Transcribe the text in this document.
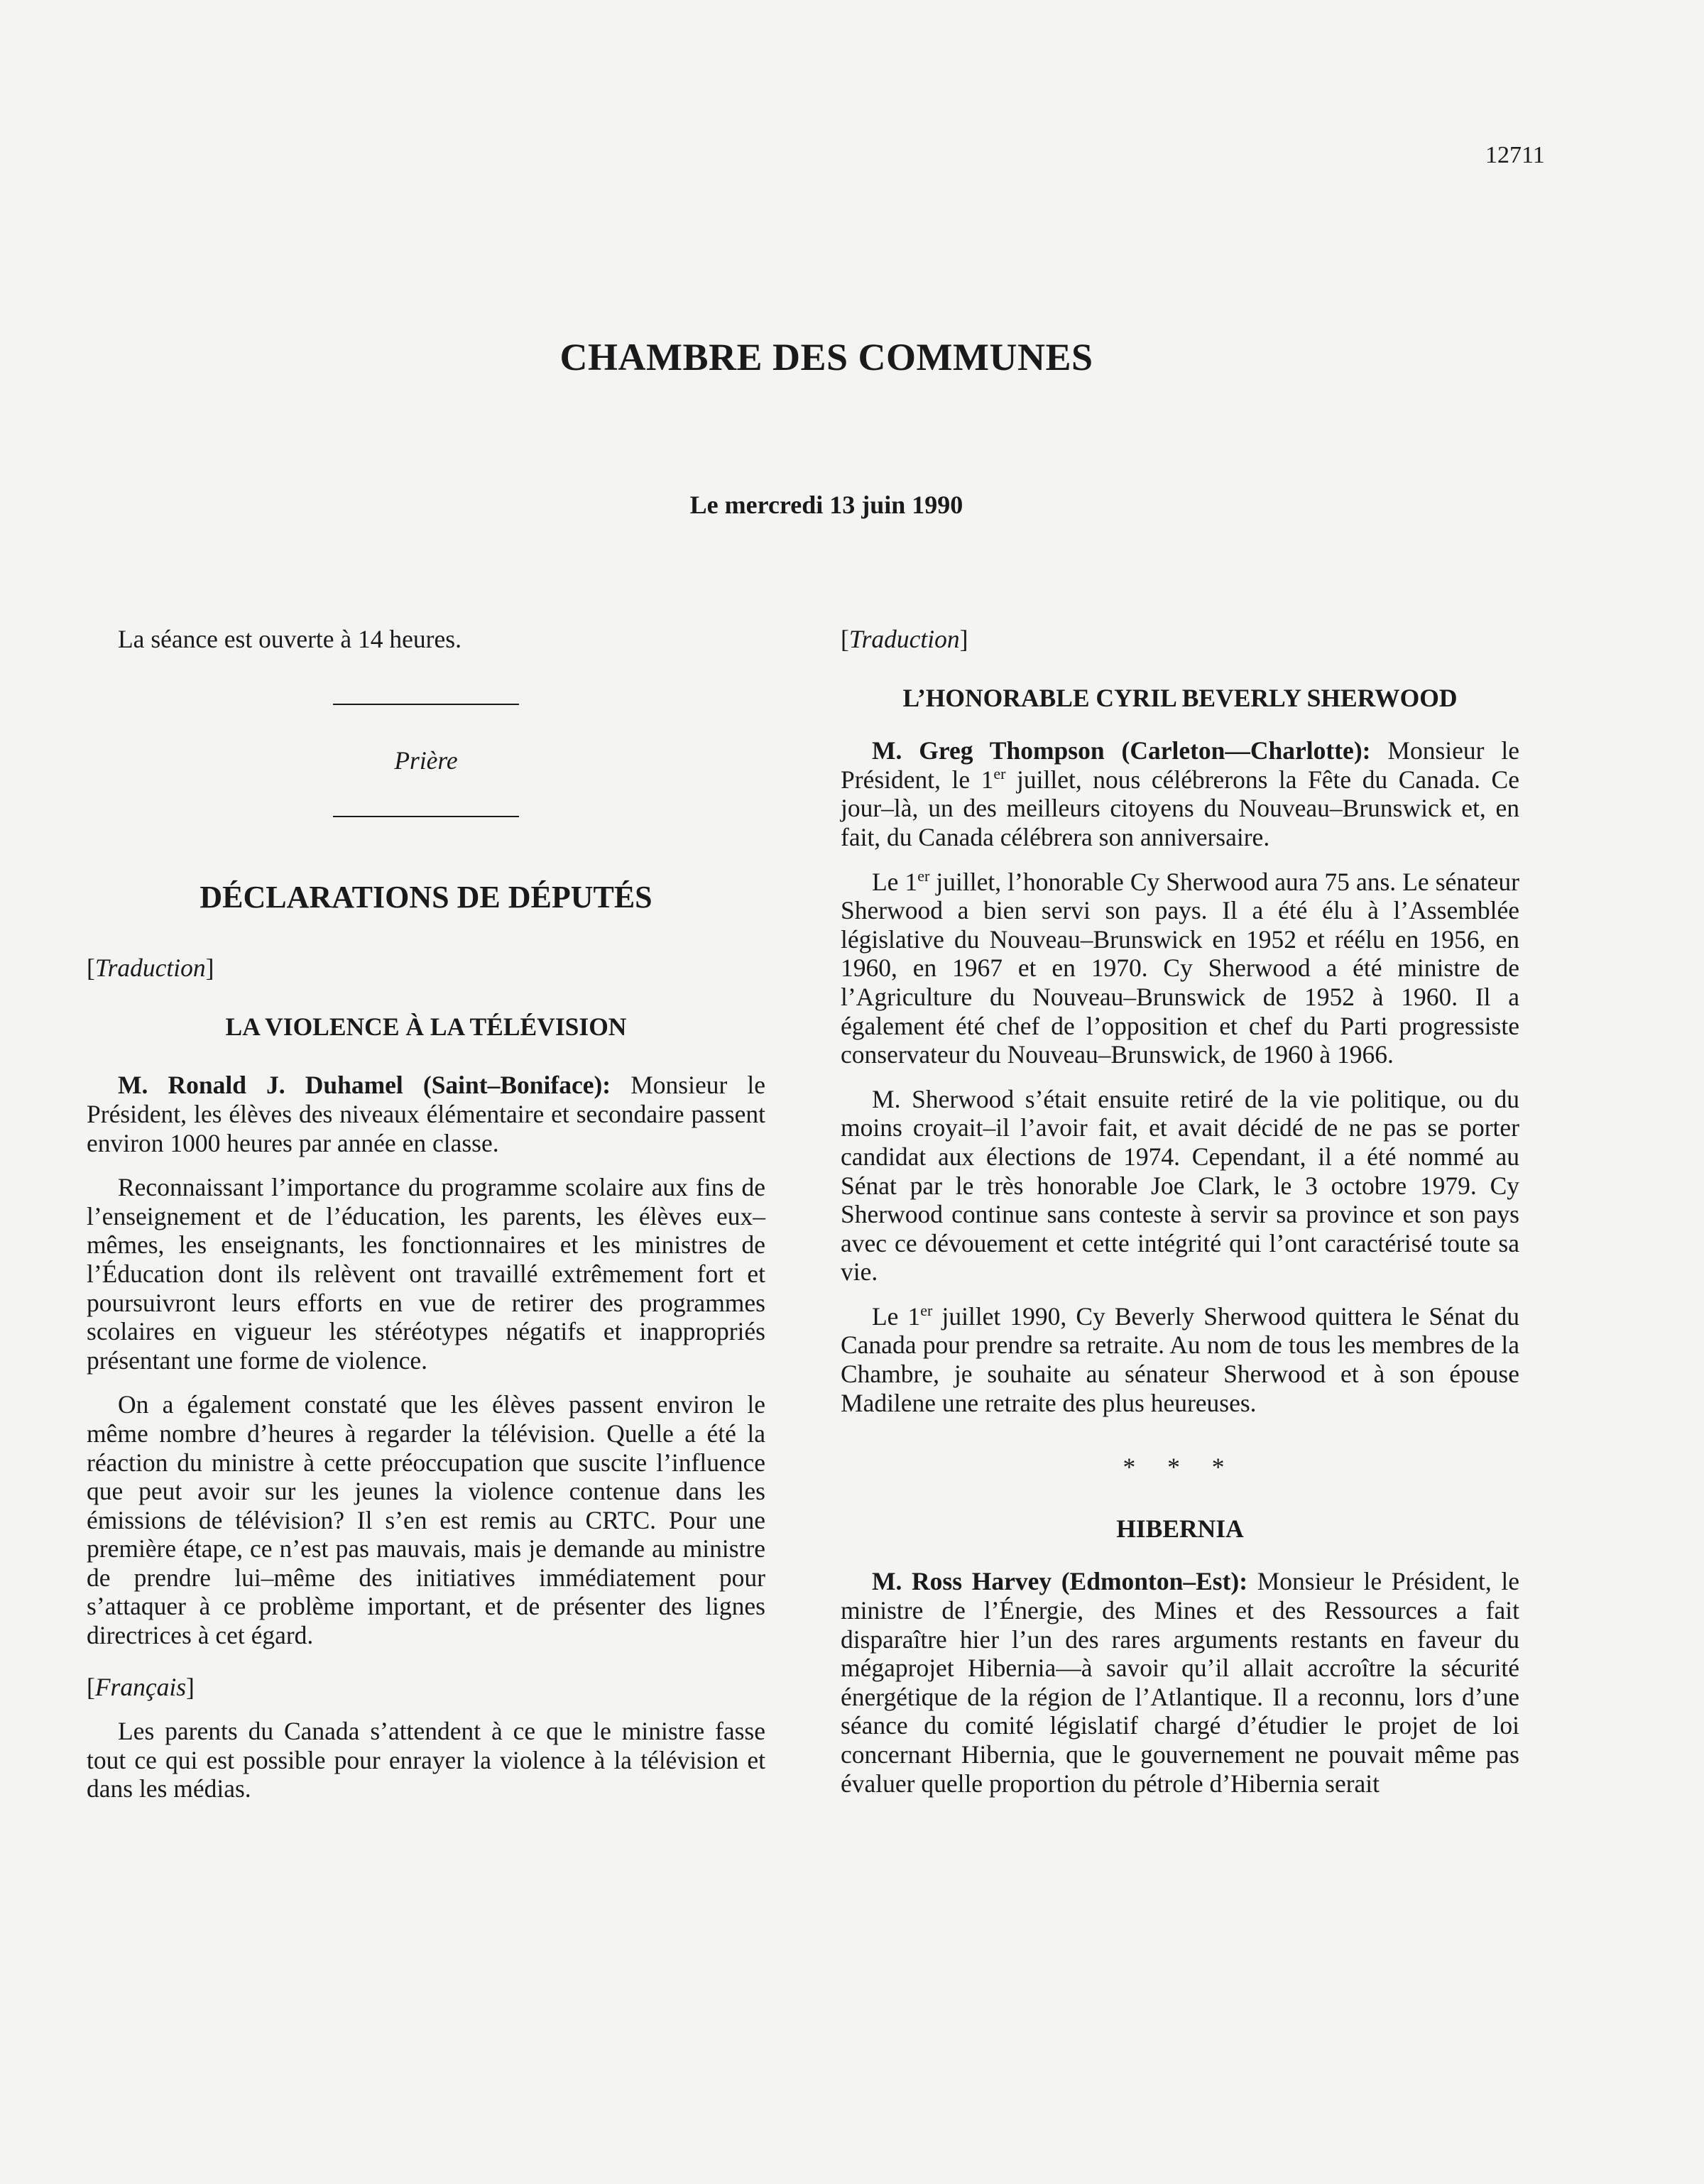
12711
CHAMBRE DES COMMUNES
Le mercredi 13 juin 1990

La séance est ouverte à 14 heures.

Prière

DÉCLARATIONS DE DÉPUTÉS

[Traduction]

LA VIOLENCE À LA TÉLÉVISION

M. Ronald J. Duhamel (Saint–Boniface): Monsieur le Président, les élèves des niveaux élémentaire et secondaire passent environ 1000 heures par année en classe.

Reconnaissant l’importance du programme scolaire aux fins de l’enseignement et de l’éducation, les parents, les élèves eux–mêmes, les enseignants, les fonctionnaires et les ministres de l’Éducation dont ils relèvent ont travaillé extrêmement fort et poursuivront leurs efforts en vue de retirer des programmes scolaires en vigueur les stéréotypes négatifs et inappropriés présentant une forme de violence.

On a également constaté que les élèves passent environ le même nombre d’heures à regarder la télévision. Quelle a été la réaction du ministre à cette préoccupation que suscite l’influence que peut avoir sur les jeunes la violence contenue dans les émissions de télévision? Il s’en est remis au CRTC. Pour une première étape, ce n’est pas mauvais, mais je demande au ministre de prendre lui–même des initiatives immédiatement pour s’attaquer à ce problème important, et de présenter des lignes directrices à cet égard.

[Français]

Les parents du Canada s’attendent à ce que le ministre fasse tout ce qui est possible pour enrayer la violence à la télévision et dans les médias.

[Traduction]

L’HONORABLE CYRIL BEVERLY SHERWOOD

M. Greg Thompson (Carleton—Charlotte): Monsieur le Président, le 1er juillet, nous célébrerons la Fête du Canada. Ce jour–là, un des meilleurs citoyens du Nouveau–Brunswick et, en fait, du Canada célébrera son anniversaire.

Le 1er juillet, l’honorable Cy Sherwood aura 75 ans. Le sénateur Sherwood a bien servi son pays. Il a été élu à l’Assemblée législative du Nouveau–Brunswick en 1952 et réélu en 1956, en 1960, en 1967 et en 1970. Cy Sherwood a été ministre de l’Agriculture du Nouveau–Brunswick de 1952 à 1960. Il a également été chef de l’opposition et chef du Parti progressiste conservateur du Nouveau–Brunswick, de 1960 à 1966.

M. Sherwood s’était ensuite retiré de la vie politique, ou du moins croyait–il l’avoir fait, et avait décidé de ne pas se porter candidat aux élections de 1974. Cependant, il a été nommé au Sénat par le très honorable Joe Clark, le 3 octobre 1979. Cy Sherwood continue sans conteste à servir sa province et son pays avec ce dévouement et cette intégrité qui l’ont caractérisé toute sa vie.

Le 1er juillet 1990, Cy Beverly Sherwood quittera le Sénat du Canada pour prendre sa retraite. Au nom de tous les membres de la Chambre, je souhaite au sénateur Sherwood et à son épouse Madilene une retraite des plus heureuses.

* * *

HIBERNIA

M. Ross Harvey (Edmonton–Est): Monsieur le Président, le ministre de l’Énergie, des Mines et des Ressources a fait disparaître hier l’un des rares arguments restants en faveur du mégaprojet Hibernia—à savoir qu’il allait accroître la sécurité énergétique de la région de l’Atlantique. Il a reconnu, lors d’une séance du comité législatif chargé d’étudier le projet de loi concernant Hibernia, que le gouvernement ne pouvait même pas évaluer quelle proportion du pétrole d’Hibernia serait
